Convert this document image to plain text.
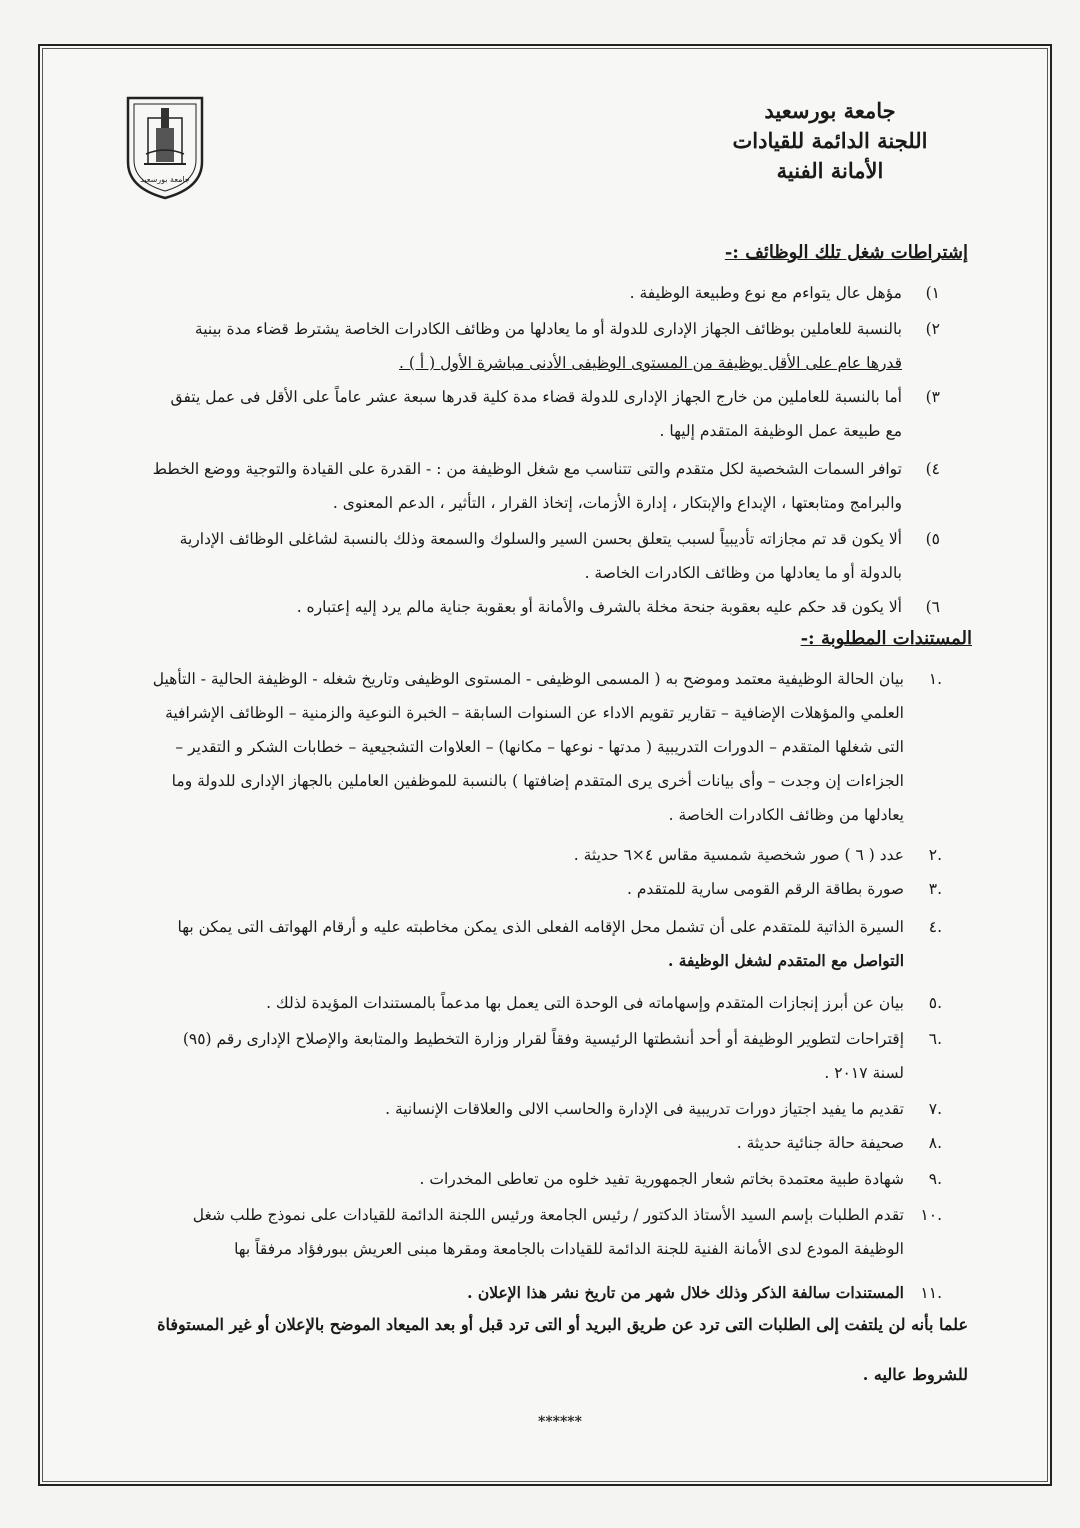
جامعة بورسعيد
جامعة بورسعيد
اللجنة الدائمة للقيادات
الأمانة الفنية
إشتراطات شغل تلك الوظائف :-
١)
مؤهل عال يتواءم مع نوع وطبيعة الوظيفة .
٢)
بالنسبة للعاملين بوظائف الجهاز الإدارى للدولة أو ما يعادلها من وظائف الكادرات الخاصة يشترط قضاء مدة بينية
قدرها عام على الأقل بوظيفة من المستوى الوظيفى الأدنى مباشرة الأول ( أ ) .
٣)
أما بالنسبة للعاملين من خارج الجهاز الإدارى للدولة قضاء مدة كلية قدرها سبعة عشر عاماً على الأقل فى عمل يتفق
مع طبيعة عمل الوظيفة المتقدم إليها .
٤)
توافر السمات الشخصية لكل متقدم والتى تتناسب مع شغل الوظيفة من : - القدرة على القيادة والتوجية ووضع الخطط
والبرامج ومتابعتها ، الإبداع والإبتكار ، إدارة الأزمات، إتخاذ القرار ، التأثير ، الدعم المعنوى .
٥)
ألا يكون قد تم مجازاته تأديبياً لسبب يتعلق بحسن السير والسلوك والسمعة وذلك بالنسبة لشاغلى الوظائف الإدارية
بالدولة أو ما يعادلها من وظائف الكادرات الخاصة .
٦)
ألا يكون قد حكم عليه بعقوبة جنحة مخلة بالشرف والأمانة أو بعقوبة جناية مالم يرد إليه إعتباره .
المستندات المطلوبة :-
.١
بيان الحالة الوظيفية معتمد وموضح به ( المسمى الوظيفى - المستوى الوظيفى وتاريخ شغله - الوظيفة الحالية - التأهيل
العلمي والمؤهلات الإضافية – تقارير تقويم الاداء عن السنوات السابقة – الخبرة النوعية والزمنية – الوظائف الإشرافية
التى شغلها المتقدم – الدورات التدريبية ( مدتها - نوعها – مكانها) – العلاوات التشجيعية – خطابات الشكر و التقدير –
الجزاءات إن وجدت – وأى بيانات أخرى يرى المتقدم إضافتها ) بالنسبة للموظفين العاملين بالجهاز الإدارى للدولة وما
يعادلها من وظائف الكادرات الخاصة .
.٢
عدد ( ٦ ) صور شخصية شمسية مقاس ٤×٦ حديثة .
.٣
صورة بطاقة الرقم القومى سارية للمتقدم .
.٤
السيرة الذاتية للمتقدم على أن تشمل محل الإقامه الفعلى الذى يمكن مخاطبته عليه و أرقام الهواتف التى يمكن بها
التواصل مع المتقدم لشغل الوظيفة .
.٥
بيان عن أبرز إنجازات المتقدم وإسهاماته فى الوحدة التى يعمل بها مدعماً بالمستندات المؤيدة لذلك .
.٦
إقتراحات لتطوير الوظيفة أو أحد أنشطتها الرئيسية وفقاً لقرار وزارة التخطيط والمتابعة والإصلاح الإدارى رقم (٩٥)
لسنة ٢٠١٧ .
.٧
تقديم ما يفيد اجتياز دورات تدريبية فى الإدارة والحاسب الالى والعلاقات الإنسانية .
.٨
صحيفة حالة جنائية حديثة .
.٩
شهادة طبية معتمدة بخاتم شعار الجمهورية تفيد خلوه من تعاطى المخدرات .
.١٠
تقدم الطلبات بإسم السيد الأستاذ الدكتور / رئيس الجامعة ورئيس اللجنة الدائمة للقيادات على نموذج طلب شغل
الوظيفة المودع لدى الأمانة الفنية للجنة الدائمة للقيادات بالجامعة ومقرها مبنى العريش ببورفؤاد مرفقاً بها
.١١
المستندات سالفة الذكر وذلك خلال شهر من تاريخ نشر هذا الإعلان .
علما بأنه لن يلتفت إلى الطلبات التى ترد عن طريق البريد أو التى ترد قبل أو بعد الميعاد الموضح بالإعلان أو غير المستوفاة
للشروط عاليه .
******
